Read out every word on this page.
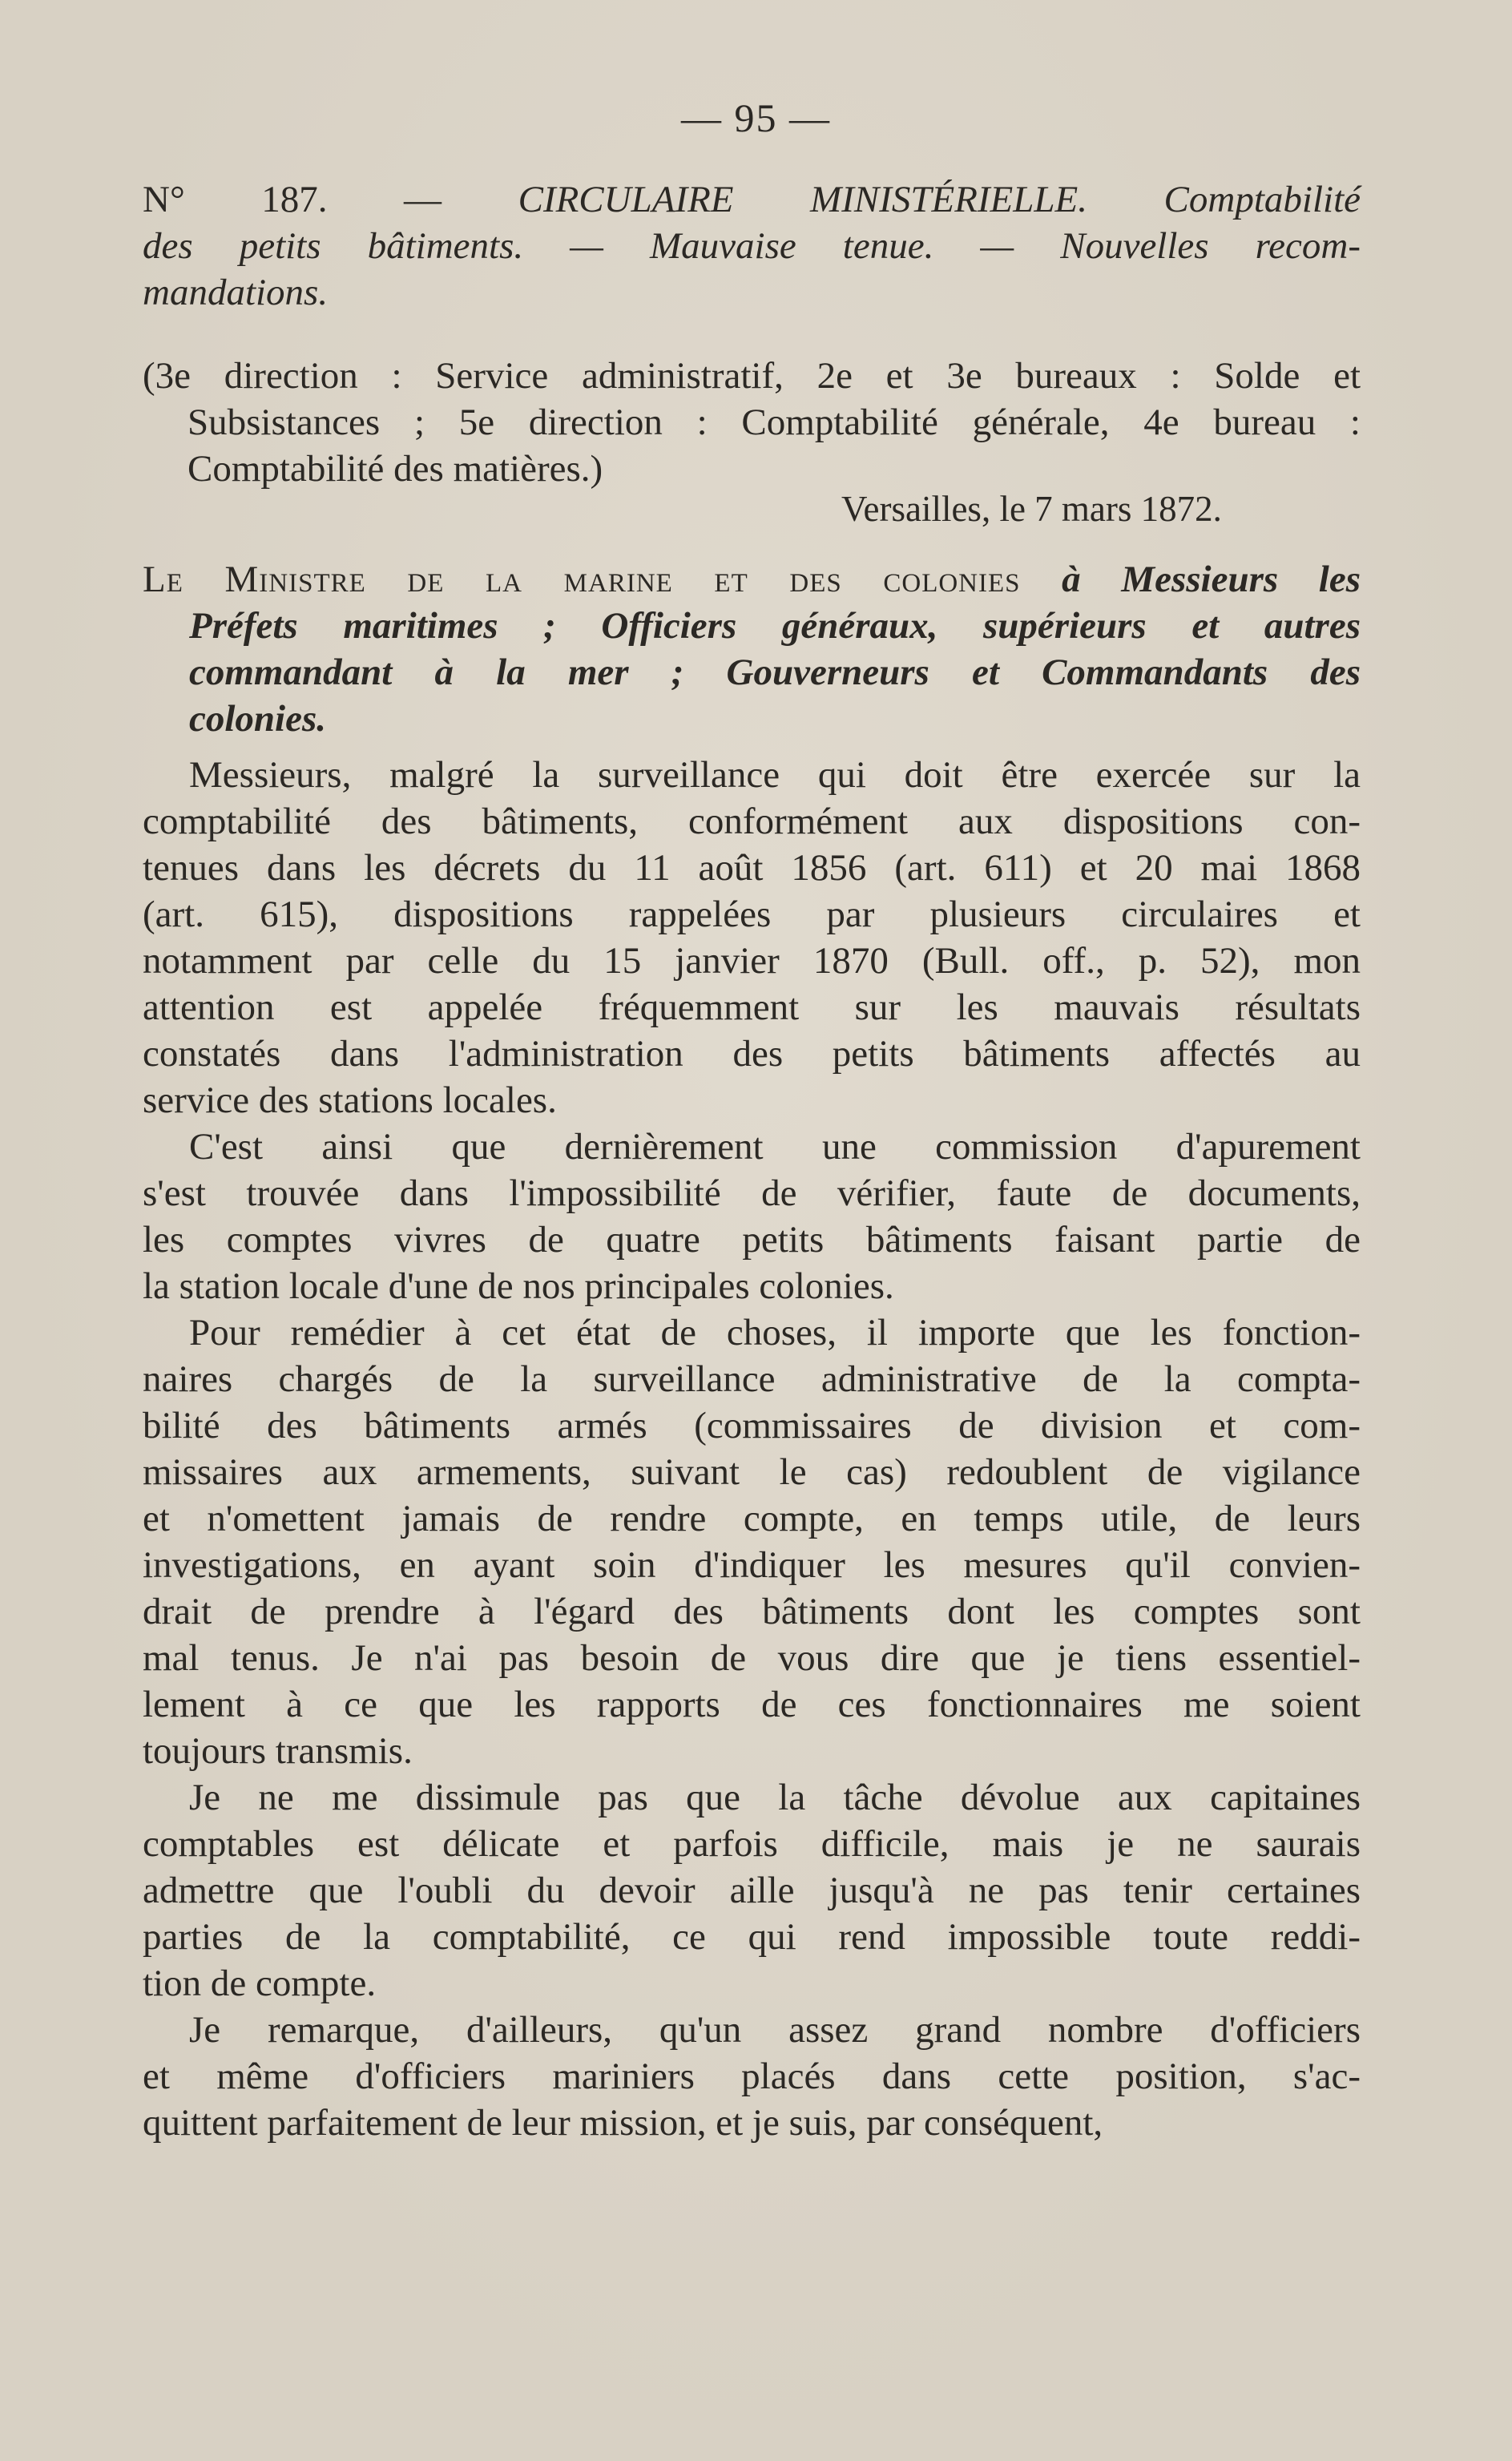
— 95 —
N° 187. — CIRCULAIRE MINISTÉRIELLE. Comptabilité
des petits bâtiments. — Mauvaise tenue. — Nouvelles recom-
mandations.
(3e direction : Service administratif, 2e et 3e bureaux : Solde et
Subsistances ; 5e direction : Comptabilité générale, 4e bureau :
Comptabilité des matières.)
Versailles, le 7 mars 1872.
Le Ministre de la marine et des colonies à Messieurs les
Préfets maritimes ; Officiers généraux, supérieurs et autres
commandant à la mer ; Gouverneurs et Commandants des
colonies.
Messieurs, malgré la surveillance qui doit être exercée sur la
comptabilité des bâtiments, conformément aux dispositions con-
tenues dans les décrets du 11 août 1856 (art. 611) et 20 mai 1868
(art. 615), dispositions rappelées par plusieurs circulaires et
notamment par celle du 15 janvier 1870 (Bull. off., p. 52), mon
attention est appelée fréquemment sur les mauvais résultats
constatés dans l'administration des petits bâtiments affectés au
service des stations locales.
C'est ainsi que dernièrement une commission d'apurement
s'est trouvée dans l'impossibilité de vérifier, faute de documents,
les comptes vivres de quatre petits bâtiments faisant partie de
la station locale d'une de nos principales colonies.
Pour remédier à cet état de choses, il importe que les fonction-
naires chargés de la surveillance administrative de la compta-
bilité des bâtiments armés (commissaires de division et com-
missaires aux armements, suivant le cas) redoublent de vigilance
et n'omettent jamais de rendre compte, en temps utile, de leurs
investigations, en ayant soin d'indiquer les mesures qu'il convien-
drait de prendre à l'égard des bâtiments dont les comptes sont
mal tenus. Je n'ai pas besoin de vous dire que je tiens essentiel-
lement à ce que les rapports de ces fonctionnaires me soient
toujours transmis.
Je ne me dissimule pas que la tâche dévolue aux capitaines
comptables est délicate et parfois difficile, mais je ne saurais
admettre que l'oubli du devoir aille jusqu'à ne pas tenir certaines
parties de la comptabilité, ce qui rend impossible toute reddi-
tion de compte.
Je remarque, d'ailleurs, qu'un assez grand nombre d'officiers
et même d'officiers mariniers placés dans cette position, s'ac-
quittent parfaitement de leur mission, et je suis, par conséquent,
